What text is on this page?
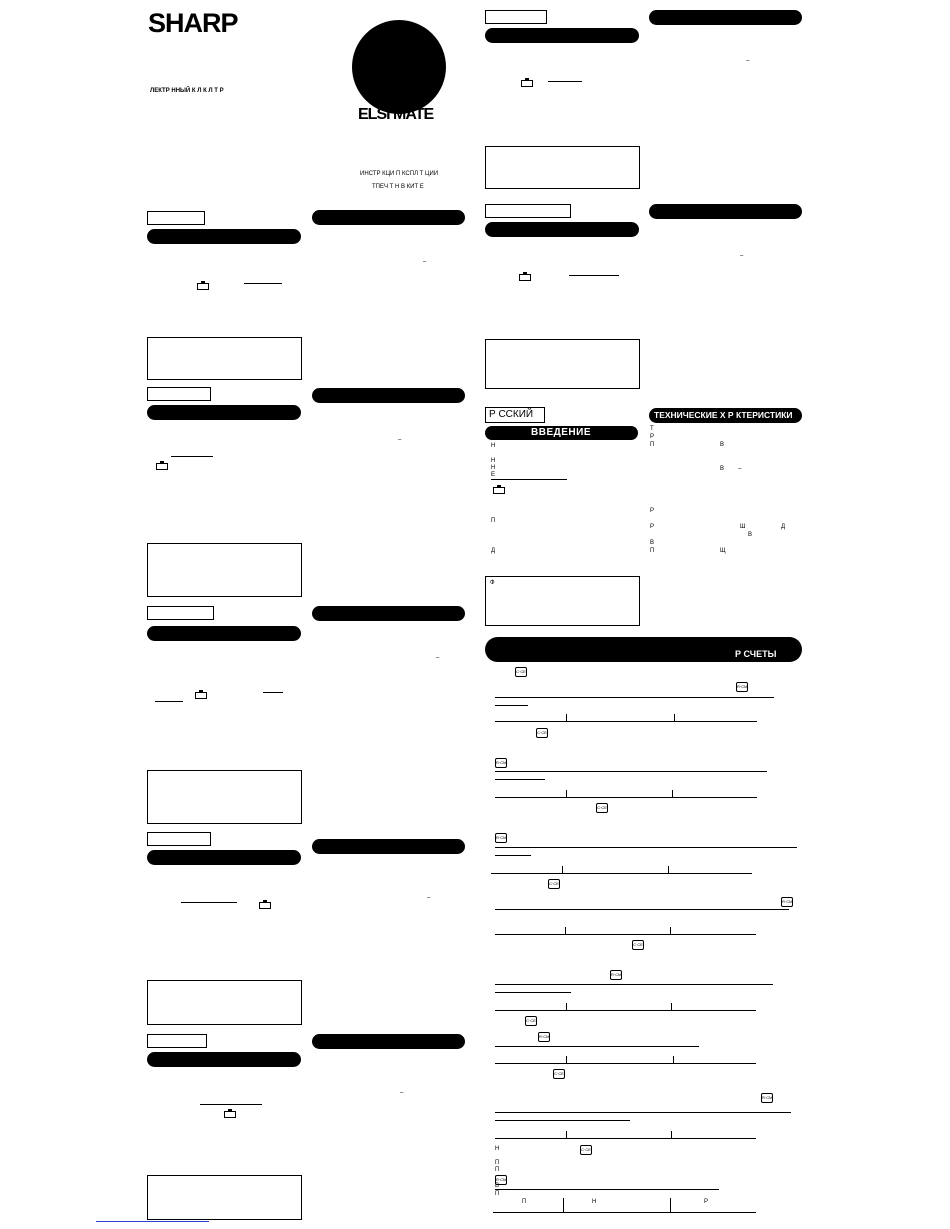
SHARP
ЛЕКТР ННЫЙ К Л К Л Т Р
ELSI MATE
ИНСТР КЦИ П КСПЛ Т ЦИИ
ТПЕЧ Т Н В КИТ Е
–
–
–
–
–
Р ССКИЙ
ВВЕДЕНИЕ
Н
Н
Н
Е
П
Д
Ф
–
–
ТЕХНИЧЕСКИЕ Х Р КТЕРИСТИКИ
Т
Р
П	В
В –
Р
Р	Ш	Д
В
В
П	Щ
Р СЧЕТЫ
C·CE
R·CM
C·CE
R·CM
C·CE
R·CM
C·CE
R·CM
C·CE
R·CM
C·CE
R·CM
C·CE
R·CM
Н	C·CE
П
П
R·CM
В
П
П	Н	Р
